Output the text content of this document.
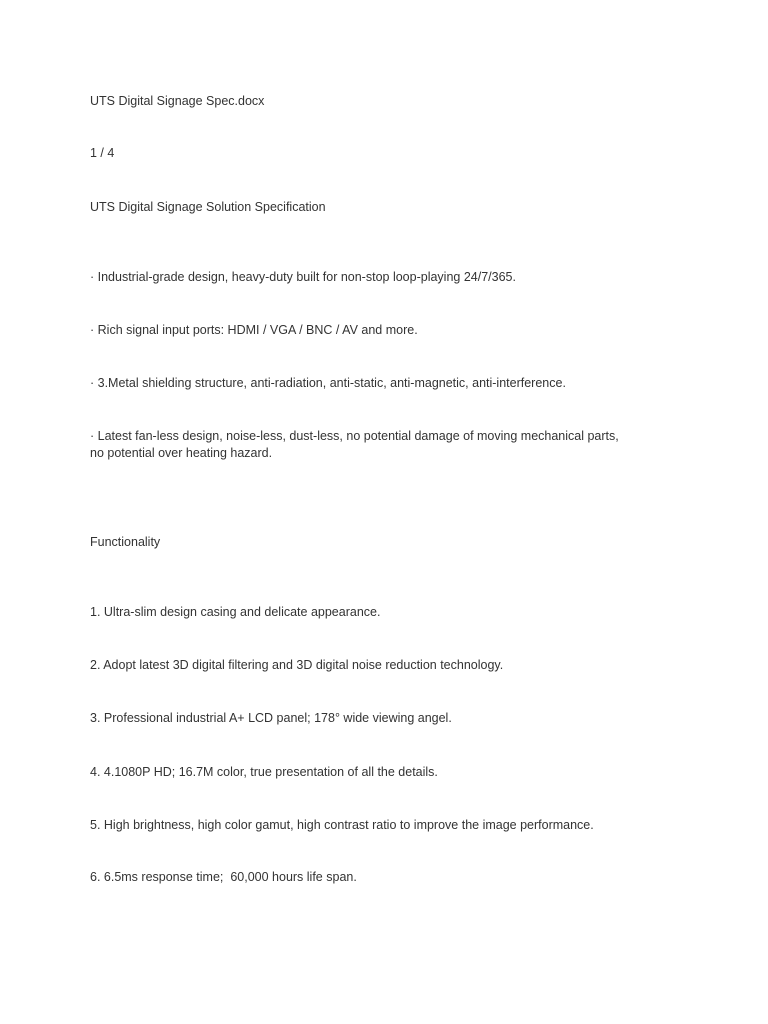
UTS Digital Signage Spec.docx

1 / 4

UTS Digital Signage Solution Specification

· Industrial-grade design, heavy-duty built for non-stop loop-playing 24/7/365.

· Rich signal input ports: HDMI / VGA / BNC / AV and more.

· 3.Metal shielding structure, anti-radiation, anti-static, anti-magnetic, anti-interference.

· Latest fan-less design, noise-less, dust-less, no potential damage of moving mechanical parts,
no potential over heating hazard.

Functionality

1. Ultra-slim design casing and delicate appearance.

2. Adopt latest 3D digital filtering and 3D digital noise reduction technology.

3. Professional industrial A+ LCD panel; 178° wide viewing angel.

4. 4.1080P HD; 16.7M color, true presentation of all the details.

5. High brightness, high color gamut, high contrast ratio to improve the image performance.

6. 6.5ms response time;  60,000 hours life span.
